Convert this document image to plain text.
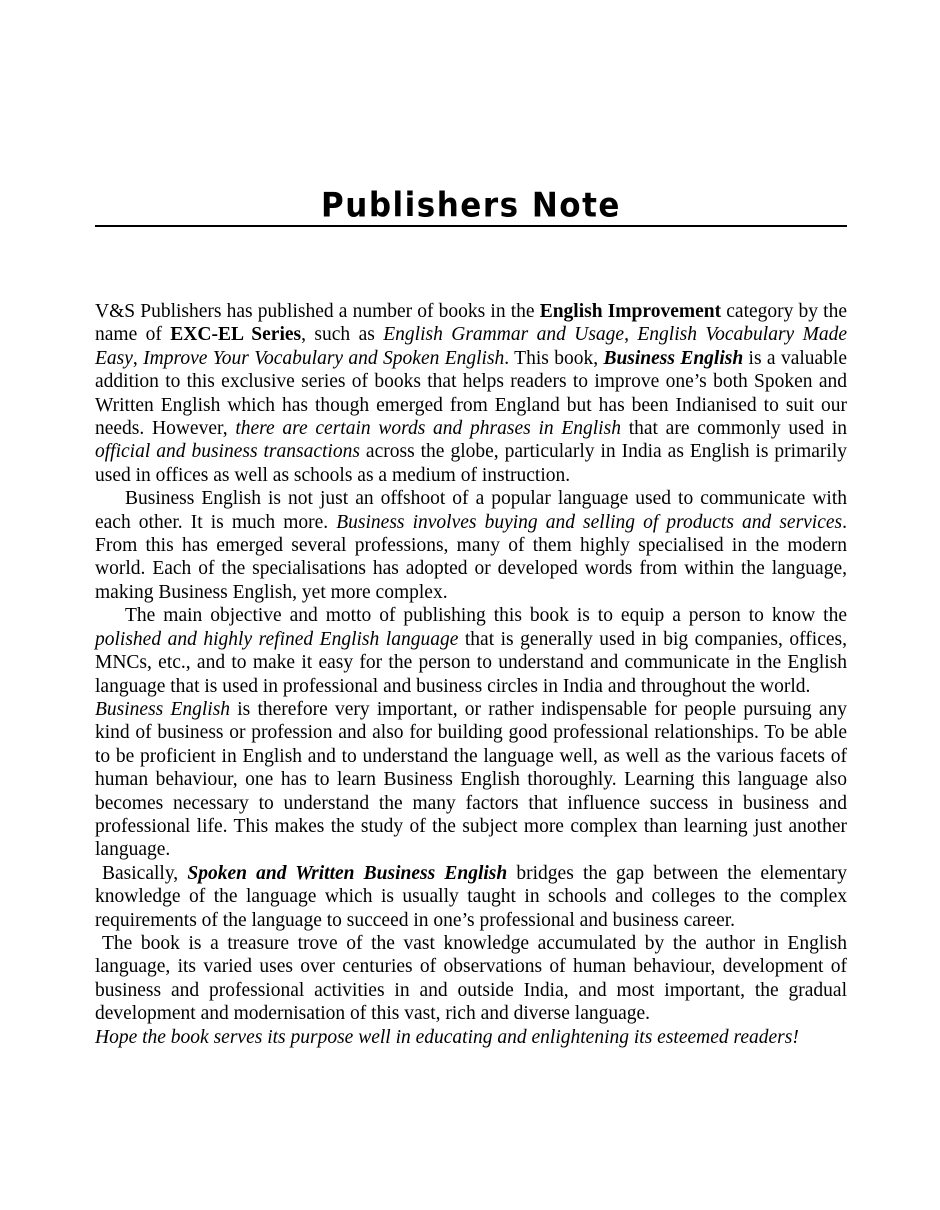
Publishers Note

V&S Publishers has published a number of books in the English Improvement category by the name of EXC-EL Series, such as English Grammar and Usage, English Vocabulary Made Easy, Improve Your Vocabulary and Spoken English. This book, Business English is a valuable addition to this exclusive series of books that helps readers to improve one’s both Spoken and Written English which has though emerged from England but has been Indianised to suit our needs. However, there are certain words and phrases in English that are commonly used in official and business transactions across the globe, particularly in India as English is primarily used in offices as well as schools as a medium of instruction.

Business English is not just an offshoot of a popular language used to communicate with each other. It is much more. Business involves buying and selling of products and services. From this has emerged several professions, many of them highly specialised in the modern world. Each of the specialisations has adopted or developed words from within the language, making Business English, yet more complex.

The main objective and motto of publishing this book is to equip a person to know the polished and highly refined English language that is generally used in big companies, offices, MNCs, etc., and to make it easy for the person to understand and communicate in the English language that is used in professional and business circles in India and throughout the world.

Business English is therefore very important, or rather indispensable for people pursuing any kind of business or profession and also for building good professional relationships. To be able to be proficient in English and to understand the language well, as well as the various facets of human behaviour, one has to learn Business English thoroughly. Learning this language also becomes necessary to understand the many factors that influence success in business and professional life. This makes the study of the subject more complex than learning just another language.

Basically, Spoken and Written Business English bridges the gap between the elementary knowledge of the language which is usually taught in schools and colleges to the complex requirements of the language to succeed in one’s professional and business career.

The book is a treasure trove of the vast knowledge accumulated by the author in English language, its varied uses over centuries of observations of human behaviour, development of business and professional activities in and outside India, and most important, the gradual development and modernisation of this vast, rich and diverse language.

Hope the book serves its purpose well in educating and enlightening its esteemed readers!
